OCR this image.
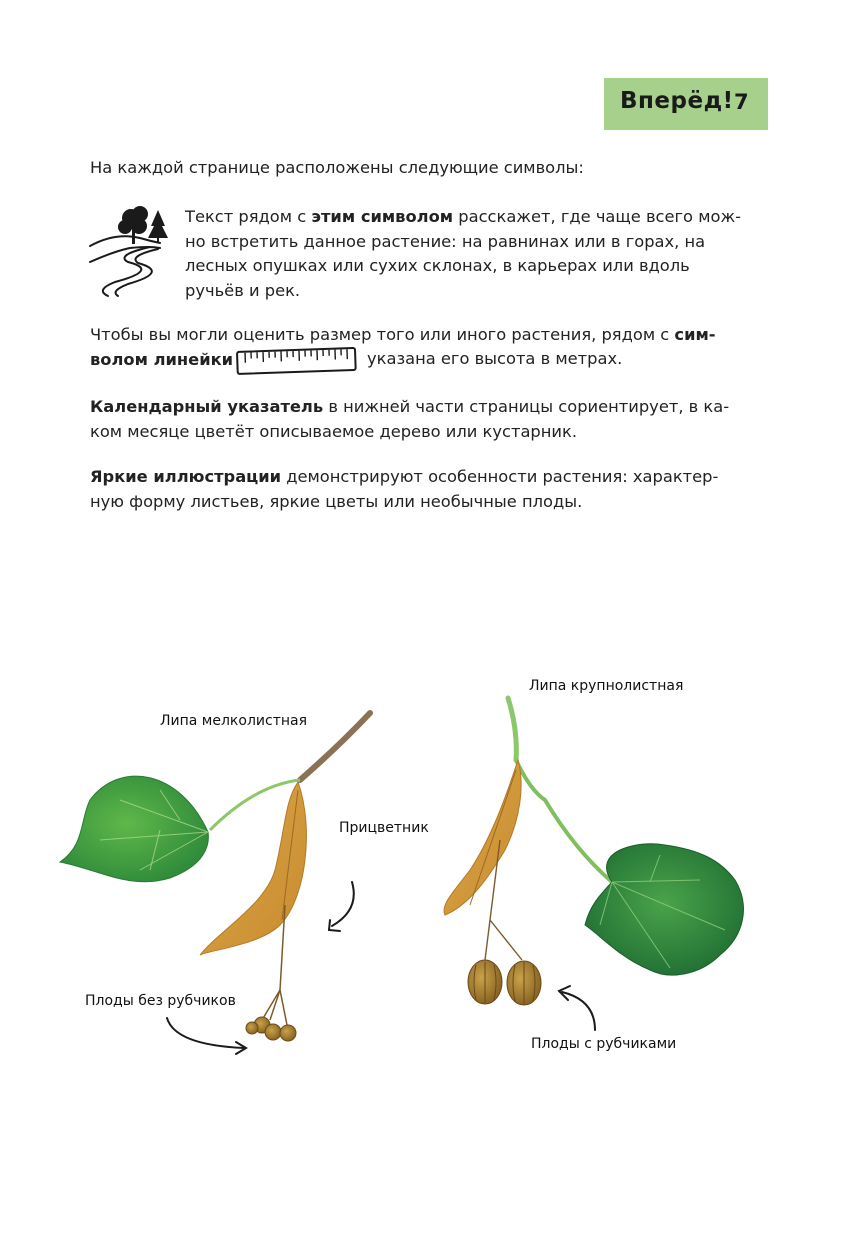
Вперёд! 7

На каждой странице расположены следующие символы:

Текст рядом с этим символом расскажет, где чаще всего мож-
но встретить данное растение: на равнинах или в горах, на
лесных опушках или сухих склонах, в карьерах или вдоль
ручьёв и рек.

Чтобы вы могли оценить размер того или иного растения, рядом с сим-
волом линейки	указана его высота в метрах.

Календарный указатель в нижней части страницы сориентирует, в ка-
ком месяце цветёт описываемое дерево или кустарник.

Яркие иллюстрации демонстрируют особенности растения: характер-
ную форму листьев, яркие цветы или необычные плоды.

Липа мелколистная
Липа крупнолистная
Прицветник
Плоды без рубчиков
Плоды с рубчиками
